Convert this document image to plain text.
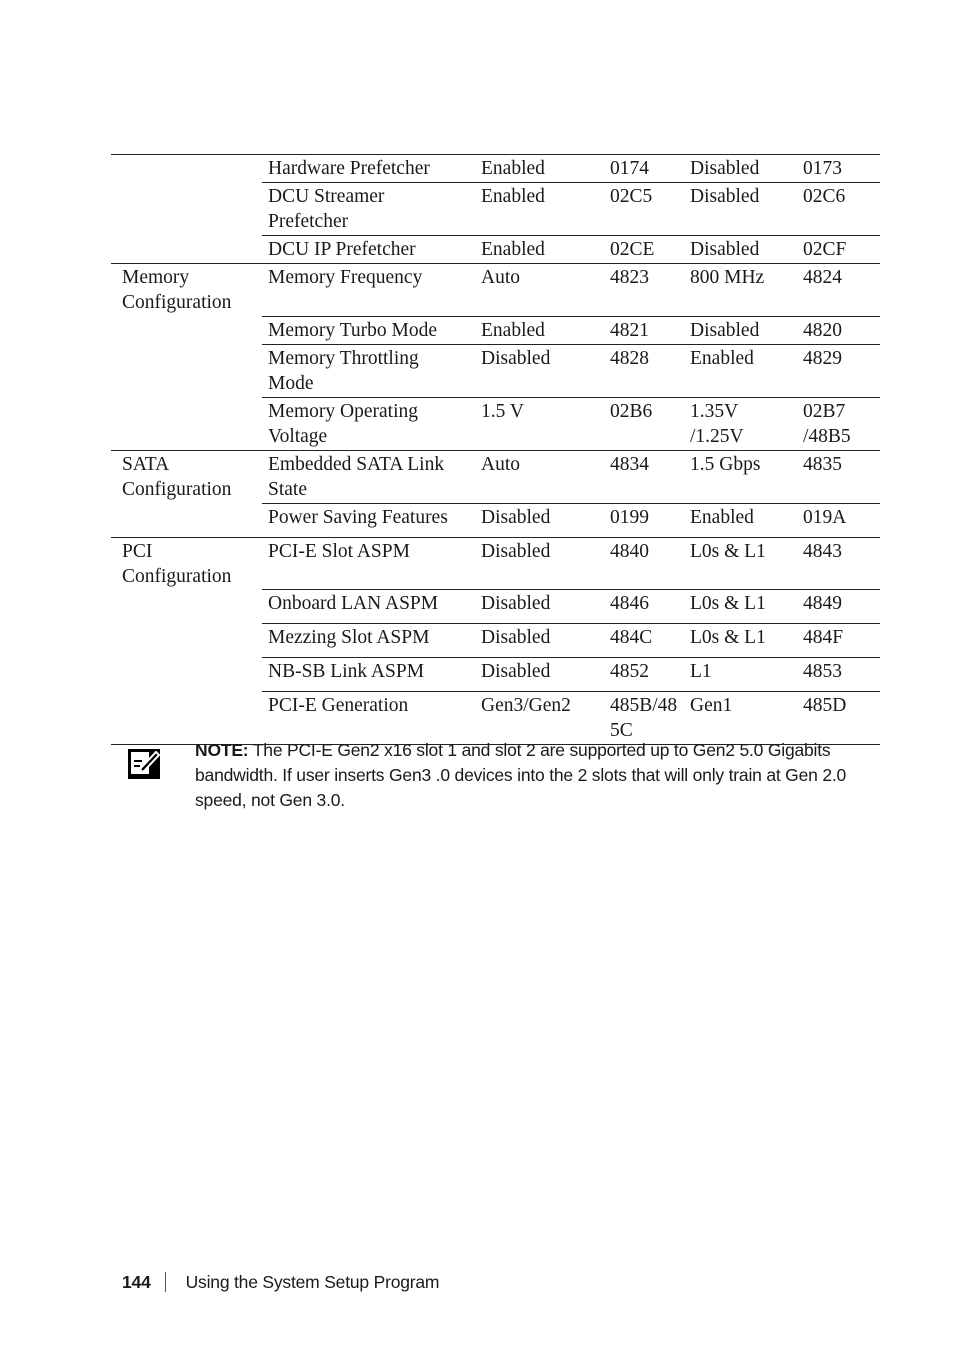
	Hardware Prefetcher	Enabled	0174	Disabled	0173
	DCU Streamer Prefetcher	Enabled	02C5	Disabled	02C6
	DCU IP Prefetcher	Enabled	02CE	Disabled	02CF
Memory Configuration	Memory Frequency	Auto	4823	800 MHz	4824
	Memory Turbo Mode	Enabled	4821	Disabled	4820
	Memory Throttling Mode	Disabled	4828	Enabled	4829
	Memory Operating Voltage	1.5 V	02B6	1.35V /1.25V	02B7 /48B5
SATA Configuration	Embedded SATA Link State	Auto	4834	1.5 Gbps	4835
	Power Saving Features	Disabled	0199	Enabled	019A
PCI Configuration	PCI-E Slot ASPM	Disabled	4840	L0s & L1	4843
	Onboard LAN ASPM	Disabled	4846	L0s & L1	4849
	Mezzing Slot ASPM	Disabled	484C	L0s & L1	484F
	NB-SB Link ASPM	Disabled	4852	L1	4853
	PCI-E Generation	Gen3/Gen2	485B/485C	Gen1	485D
NOTE: The PCI-E Gen2 x16 slot 1 and slot 2 are supported up to Gen2 5.0 Gigabits bandwidth. If user inserts Gen3 .0 devices into the 2 slots that will only train at Gen 2.0 speed, not Gen 3.0.
144 Using the System Setup Program
